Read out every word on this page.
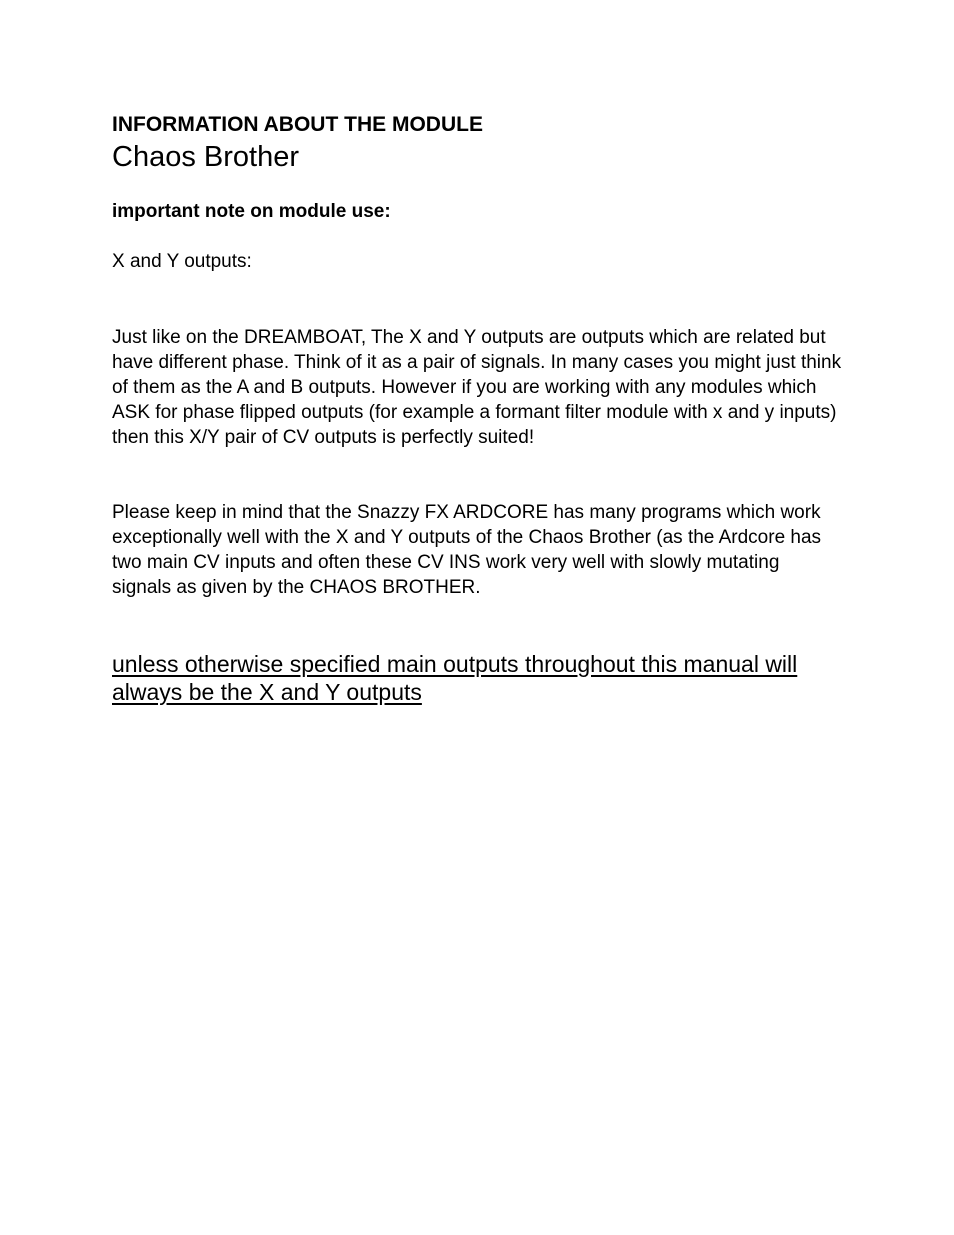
INFORMATION ABOUT THE MODULE
Chaos Brother

important note on module use:

X and Y outputs:

Just like on the DREAMBOAT, The X and Y outputs are outputs which are related but have different phase. Think of it as a pair of signals. In many cases you might just think of them as the A and B outputs. However if you are working with any modules which ASK for phase flipped outputs (for example a formant filter module with x and y inputs) then this X/Y pair of CV outputs is perfectly suited!

Please keep in mind that the Snazzy FX ARDCORE has many programs which work exceptionally well with the X and Y outputs of the Chaos Brother (as the Ardcore has two main CV inputs and often these CV INS work very well with slowly mutating signals as given by the CHAOS BROTHER.

unless otherwise specified main outputs throughout this manual will always be the X and Y outputs
